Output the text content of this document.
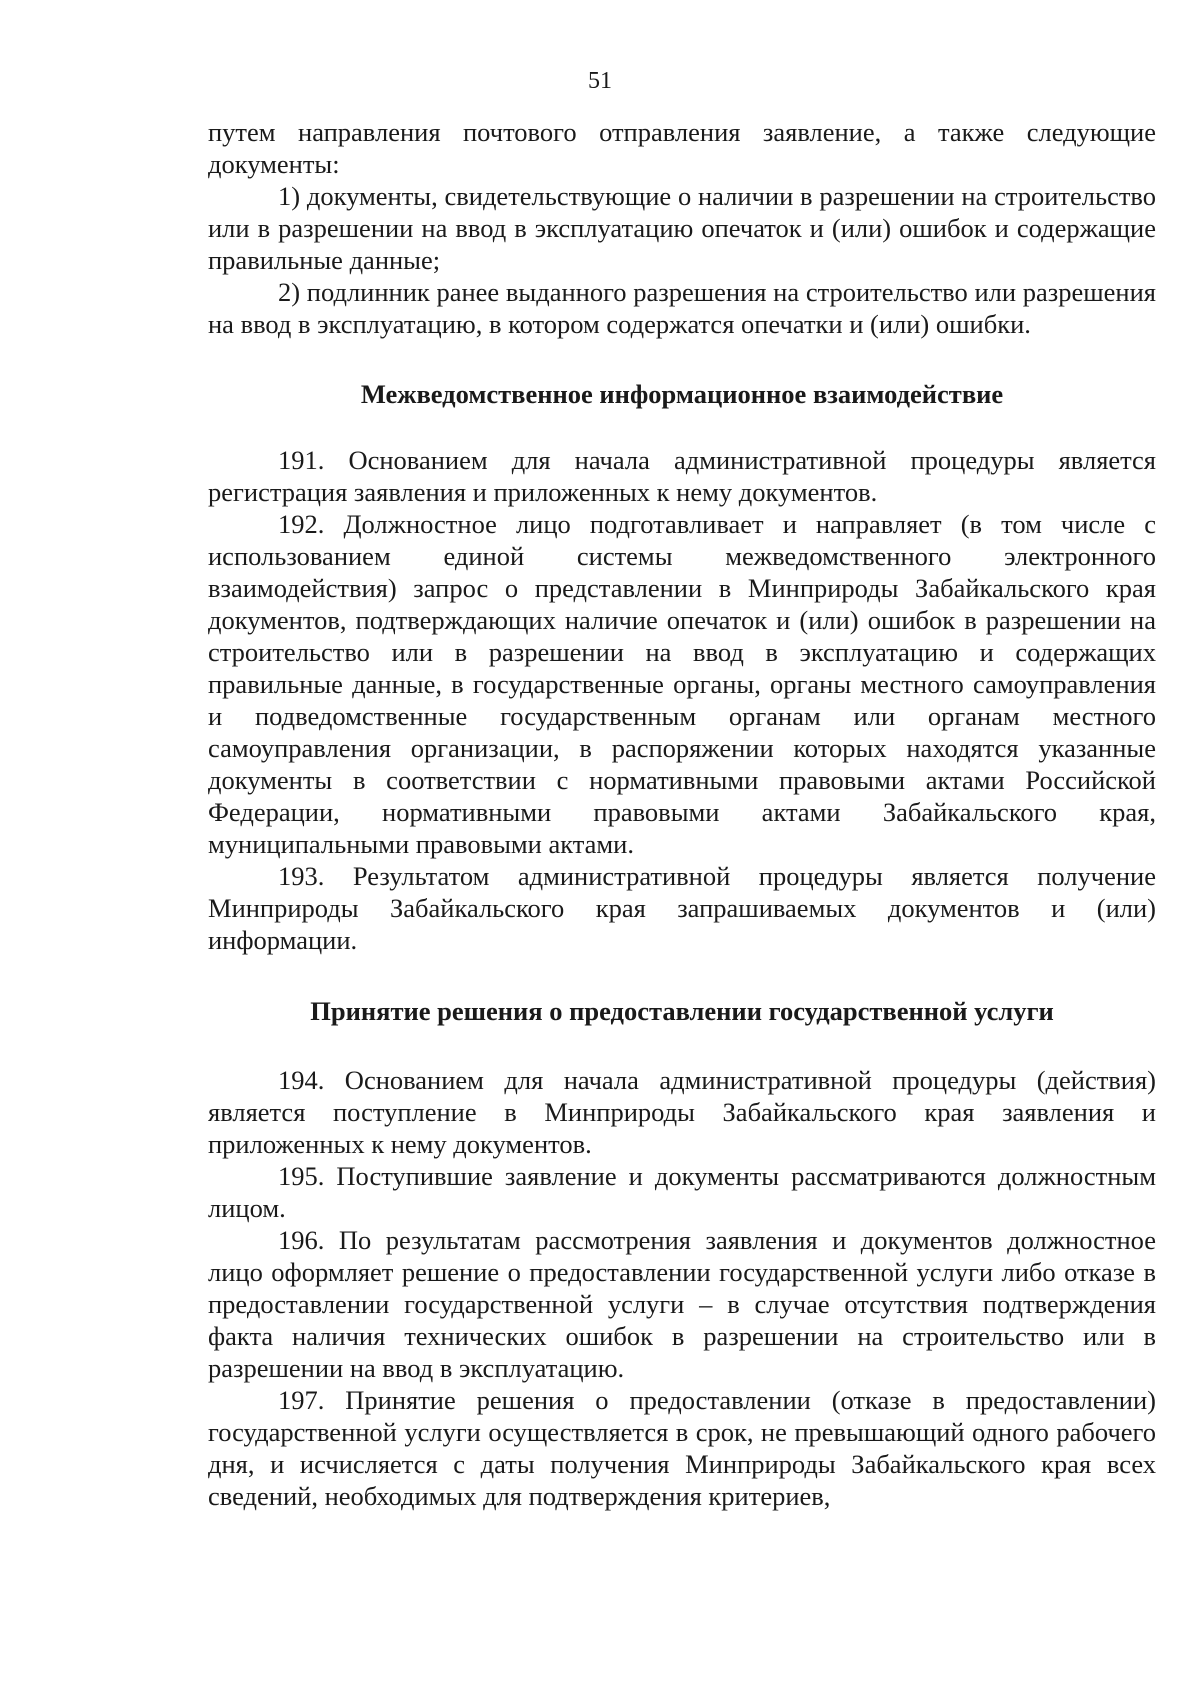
51

путем направления почтового отправления заявление, а также следующие документы:

1) документы, свидетельствующие о наличии в разрешении на строительство или в разрешении на ввод в эксплуатацию опечаток и (или) ошибок и содержащие правильные данные;

2) подлинник ранее выданного разрешения на строительство или разрешения на ввод в эксплуатацию, в котором содержатся опечатки и (или) ошибки.

Межведомственное информационное взаимодействие

191. Основанием для начала административной процедуры является регистрация заявления и приложенных к нему документов.

192. Должностное лицо подготавливает и направляет (в том числе с использованием единой системы межведомственного электронного взаимодействия) запрос о представлении в Минприроды Забайкальского края документов, подтверждающих наличие опечаток и (или) ошибок в разрешении на строительство или в разрешении на ввод в эксплуатацию и содержащих правильные данные, в государственные органы, органы местного самоуправления и подведомственные государственным органам или органам местного самоуправления организации, в распоряжении которых находятся указанные документы в соответствии с нормативными правовыми актами Российской Федерации, нормативными правовыми актами Забайкальского края, муниципальными правовыми актами.

193. Результатом административной процедуры является получение Минприроды Забайкальского края запрашиваемых документов и (или) информации.

Принятие решения о предоставлении государственной услуги

194. Основанием для начала административной процедуры (действия) является поступление в Минприроды Забайкальского края заявления и приложенных к нему документов.

195. Поступившие заявление и документы рассматриваются должностным лицом.

196. По результатам рассмотрения заявления и документов должностное лицо оформляет решение о предоставлении государственной услуги либо отказе в предоставлении государственной услуги – в случае отсутствия подтверждения факта наличия технических ошибок в разрешении на строительство или в разрешении на ввод в эксплуатацию.

197. Принятие решения о предоставлении (отказе в предоставлении) государственной услуги осуществляется в срок, не превышающий одного рабочего дня, и исчисляется с даты получения Минприроды Забайкальского края всех сведений, необходимых для подтверждения критериев,
